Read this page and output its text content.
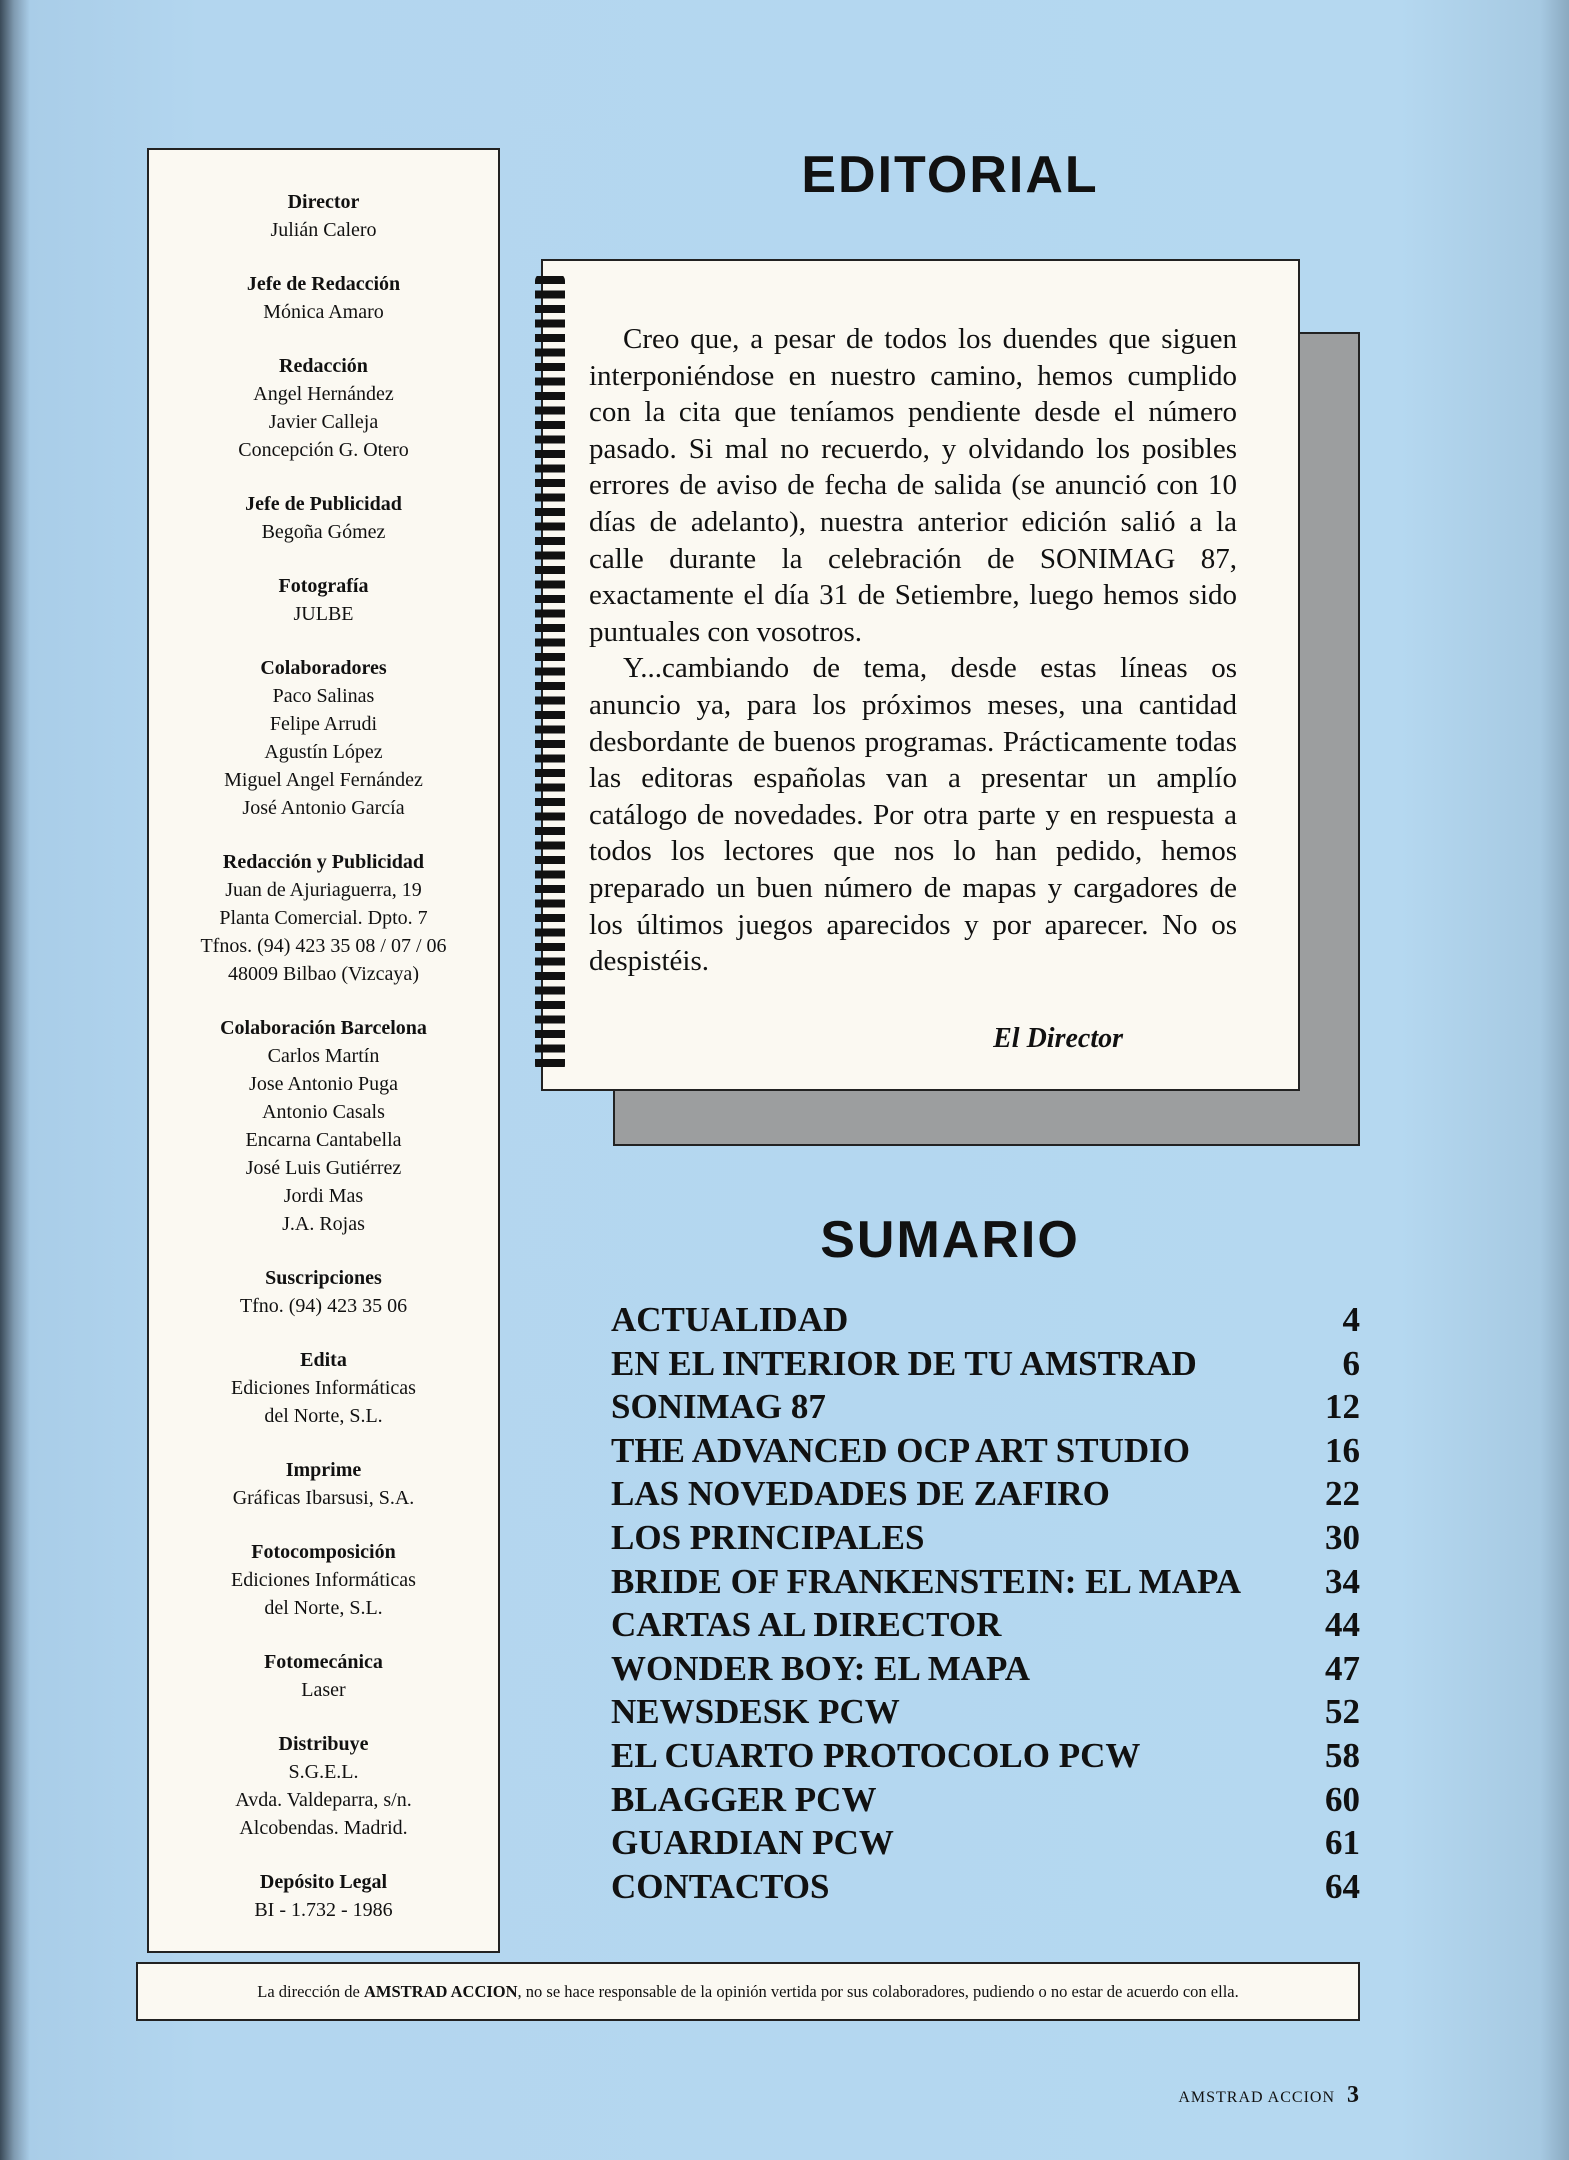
Director
Julián Calero
Jefe de Redacción
Mónica Amaro
Redacción
Angel Hernández
Javier Calleja
Concepción G. Otero
Jefe de Publicidad
Begoña Gómez
Fotografía
JULBE
Colaboradores
Paco Salinas
Felipe Arrudi
Agustín López
Miguel Angel Fernández
José Antonio García
Redacción y Publicidad
Juan de Ajuriaguerra, 19
Planta Comercial. Dpto. 7
Tfnos. (94) 423 35 08 / 07 / 06
48009 Bilbao (Vizcaya)
Colaboración Barcelona
Carlos Martín
Jose Antonio Puga
Antonio Casals
Encarna Cantabella
José Luis Gutiérrez
Jordi Mas
J.A. Rojas
Suscripciones
Tfno. (94) 423 35 06
Edita
Ediciones Informáticas
del Norte, S.L.
Imprime
Gráficas Ibarsusi, S.A.
Fotocomposición
Ediciones Informáticas
del Norte, S.L.
Fotomecánica
Laser
Distribuye
S.G.E.L.
Avda. Valdeparra, s/n.
Alcobendas. Madrid.
Depósito Legal
BI - 1.732 - 1986
EDITORIAL

Creo que, a pesar de todos los duendes que siguen interponiéndose en nuestro camino, hemos cumplido con la cita que teníamos pendiente desde el número pasado. Si mal no recuerdo, y olvidando los posibles errores de aviso de fecha de salida (se anunció con 10 días de adelanto), nuestra anterior edición salió a la calle durante la celebración de SONIMAG 87, exactamente el día 31 de Setiembre, luego hemos sido puntuales con vosotros.

Y...cambiando de tema, desde estas líneas os anuncio ya, para los próximos meses, una cantidad desbordante de buenos programas. Prácticamente todas las editoras españolas van a presentar un amplío catálogo de novedades. Por otra parte y en respuesta a todos los lectores que nos lo han pedido, hemos preparado un buen número de mapas y cargadores de los últimos juegos aparecidos y por aparecer. No os despistéis.

El Director
SUMARIO
ACTUALIDAD	4
EN EL INTERIOR DE TU AMSTRAD	6
SONIMAG 87	12
THE ADVANCED OCP ART STUDIO	16
LAS NOVEDADES DE ZAFIRO	22
LOS PRINCIPALES	30
BRIDE OF FRANKENSTEIN: EL MAPA 34
CARTAS AL DIRECTOR	44
WONDER BOY: EL MAPA	47
NEWSDESK PCW	52
EL CUARTO PROTOCOLO PCW	58
BLAGGER PCW	60
GUARDIAN PCW	61
CONTACTOS	64
La dirección de AMSTRAD ACCION, no se hace responsable de la opinión vertida por sus colaboradores, pudiendo o no estar de acuerdo con ella.
AMSTRAD ACCION 3
